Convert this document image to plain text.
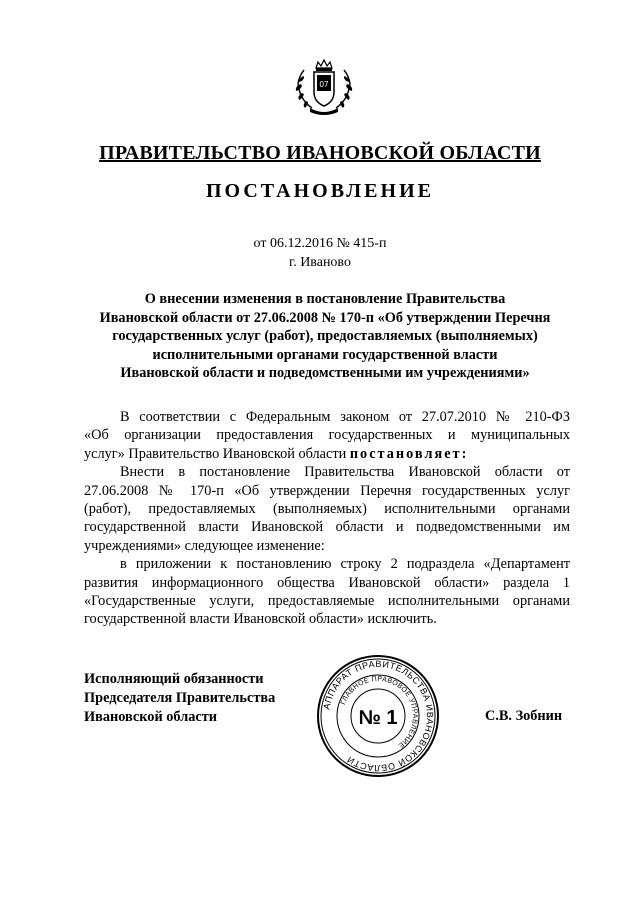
07
ПРАВИТЕЛЬСТВО ИВАНОВСКОЙ ОБЛАСТИ
ПОСТАНОВЛЕНИЕ
от 06.12.2016 № 415-п
г. Иваново
О внесении изменения в постановление Правительства
Ивановской области от 27.06.2008 № 170-п «Об утверждении Перечня
государственных услуг (работ), предоставляемых (выполняемых)
исполнительными органами государственной власти
Ивановской области и подведомственными им учреждениями»
В соответствии с Федеральным законом от 27.07.2010 № 210-ФЗ
«Об организации предоставления государственных и муниципальных
услуг» Правительство Ивановской области постановляет:
Внести в постановление Правительства Ивановской области от
27.06.2008 № 170-п «Об утверждении Перечня государственных услуг
(работ), предоставляемых (выполняемых) исполнительными органами
государственной власти Ивановской области и подведомственными им
учреждениями» следующее изменение:
в приложении к постановлению строку 2 подраздела «Департамент
развития информационного общества Ивановской области» раздела 1
«Государственные услуги, предоставляемые исполнительными органами
государственной власти Ивановской области» исключить.
Исполняющий обязанности
Председателя Правительства
Ивановской области	С.В. Зобнин
АППАРАТ ПРАВИТЕЛЬСТВА ИВАНОВСКОЙ ОБЛАСТИ
ГЛАВНОЕ ПРАВОВОЕ УПРАВЛЕНИЕ
№ 1
